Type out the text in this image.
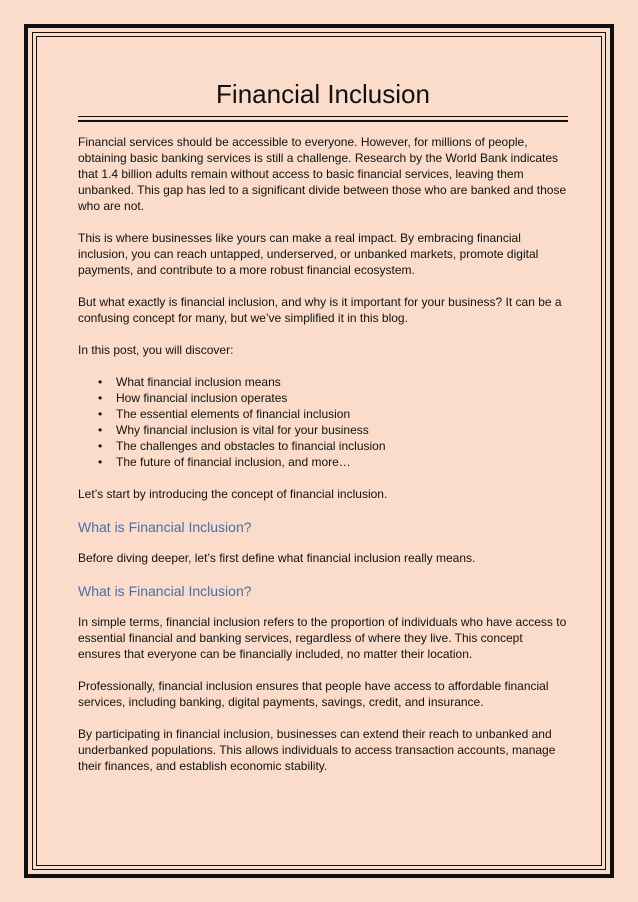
Financial Inclusion

Financial services should be accessible to everyone. However, for millions of people, obtaining basic banking services is still a challenge. Research by the World Bank indicates that 1.4 billion adults remain without access to basic financial services, leaving them unbanked. This gap has led to a significant divide between those who are banked and those who are not.

This is where businesses like yours can make a real impact. By embracing financial inclusion, you can reach untapped, underserved, or unbanked markets, promote digital payments, and contribute to a more robust financial ecosystem.

But what exactly is financial inclusion, and why is it important for your business? It can be a confusing concept for many, but we’ve simplified it in this blog.

In this post, you will discover:

• What financial inclusion means
• How financial inclusion operates
• The essential elements of financial inclusion
• Why financial inclusion is vital for your business
• The challenges and obstacles to financial inclusion
• The future of financial inclusion, and more…

Let’s start by introducing the concept of financial inclusion.

What is Financial Inclusion?

Before diving deeper, let’s first define what financial inclusion really means.

What is Financial Inclusion?

In simple terms, financial inclusion refers to the proportion of individuals who have access to essential financial and banking services, regardless of where they live. This concept ensures that everyone can be financially included, no matter their location.

Professionally, financial inclusion ensures that people have access to affordable financial services, including banking, digital payments, savings, credit, and insurance.

By participating in financial inclusion, businesses can extend their reach to unbanked and underbanked populations. This allows individuals to access transaction accounts, manage their finances, and establish economic stability.
